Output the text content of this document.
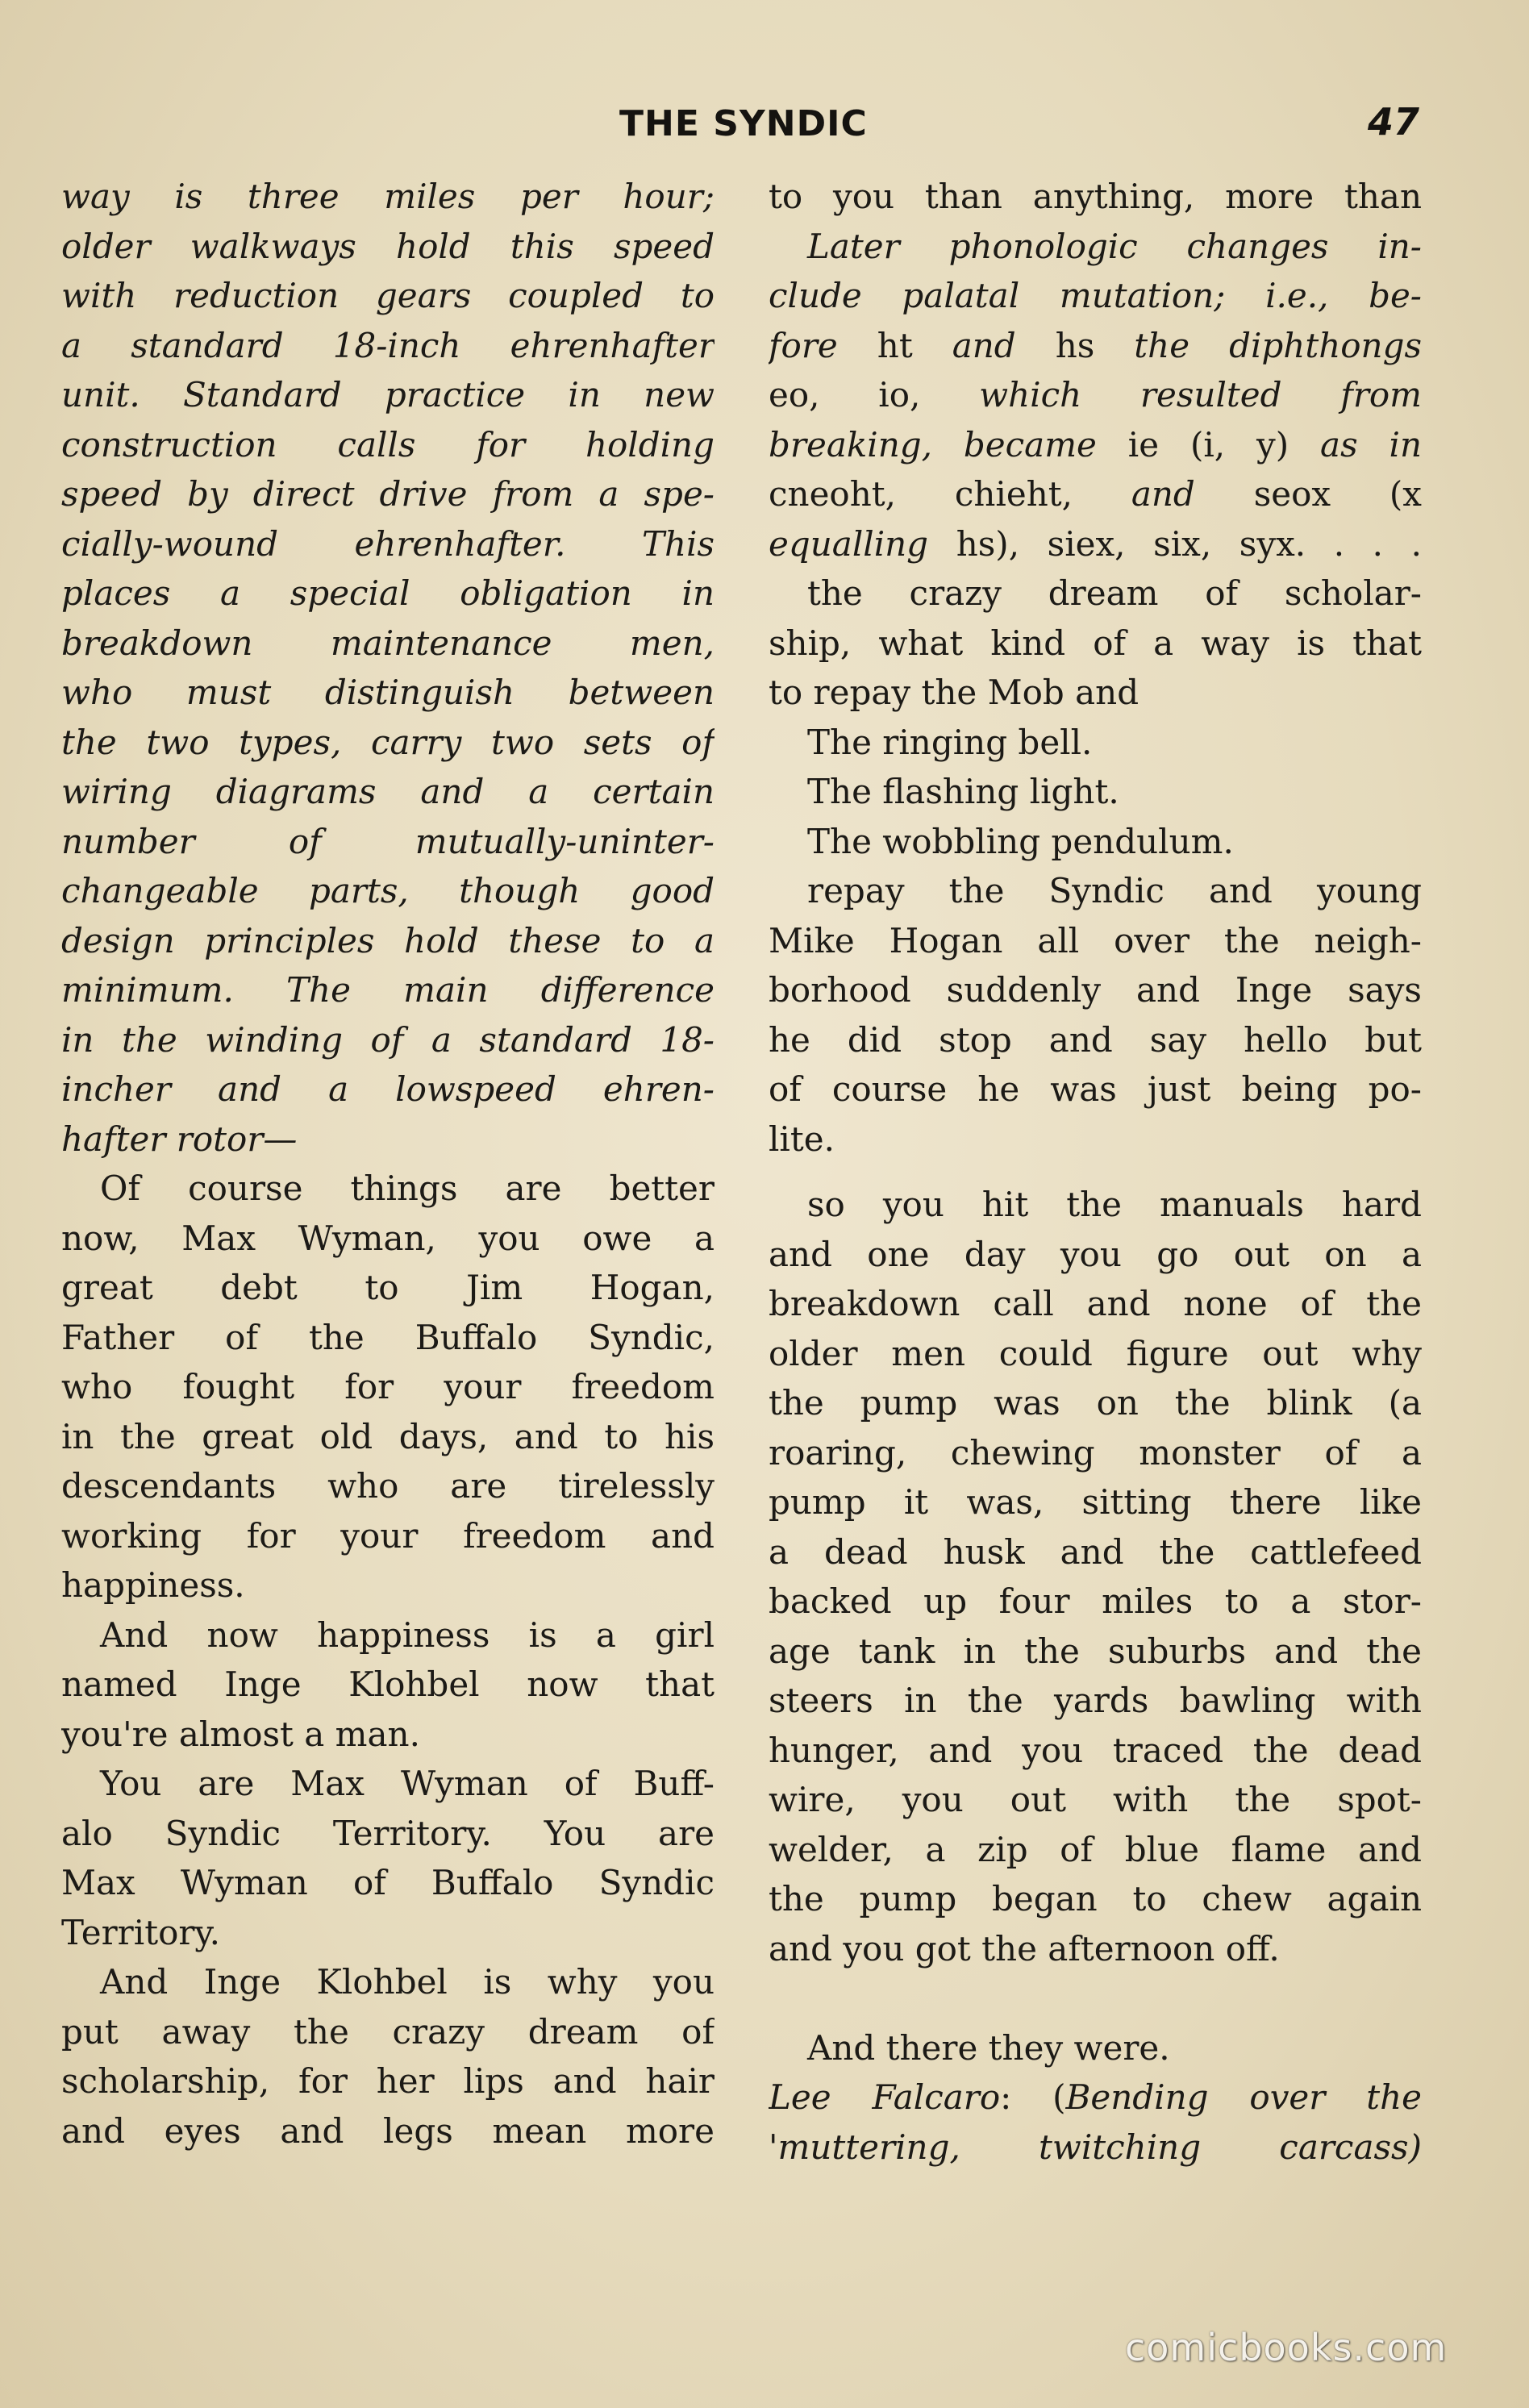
THE SYNDIC	47
way is three miles per hour;
older walkways hold this speed
with reduction gears coupled to
a standard 18-inch ehrenhafter
unit. Standard practice in new
construction calls for holding
speed by direct drive from a spe-
cially-wound ehrenhafter. This
places a special obligation in
breakdown maintenance men,
who must distinguish between
the two types, carry two sets of
wiring diagrams and a certain
number of mutually-uninter-
changeable parts, though good
design principles hold these to a
minimum. The main difference
in the winding of a standard 18-
incher and a lowspeed ehren-
hafter rotor—
Of course things are better
now, Max Wyman, you owe a
great debt to Jim Hogan,
Father of the Buffalo Syndic,
who fought for your freedom
in the great old days, and to his
descendants who are tirelessly
working for your freedom and
happiness.
And now happiness is a girl
named Inge Klohbel now that
you're almost a man.
You are Max Wyman of Buff-
alo Syndic Territory. You are
Max Wyman of Buffalo Syndic
Territory.
And Inge Klohbel is why you
put away the crazy dream of
scholarship, for her lips and hair
and eyes and legs mean more
to you than anything, more than
Later phonologic changes in-
clude palatal mutation; i.e., be-
fore ht and hs the diphthongs
eo, io, which resulted from
breaking, became ie (i, y) as in
cneoht, chieht, and seox (x
equalling hs), siex, six, syx. . . .
the crazy dream of scholar-
ship, what kind of a way is that
to repay the Mob and
The ringing bell.
The flashing light.
The wobbling pendulum.
repay the Syndic and young
Mike Hogan all over the neigh-
borhood suddenly and Inge says
he did stop and say hello but
of course he was just being po-
lite.
so you hit the manuals hard
and one day you go out on a
breakdown call and none of the
older men could figure out why
the pump was on the blink (a
roaring, chewing monster of a
pump it was, sitting there like
a dead husk and the cattlefeed
backed up four miles to a stor-
age tank in the suburbs and the
steers in the yards bawling with
hunger, and you traced the dead
wire, you out with the spot-
welder, a zip of blue flame and
the pump began to chew again
and you got the afternoon off.
And there they were.
Lee Falcaro: (Bending over the
'muttering, twitching carcass)
comicbooks.com
